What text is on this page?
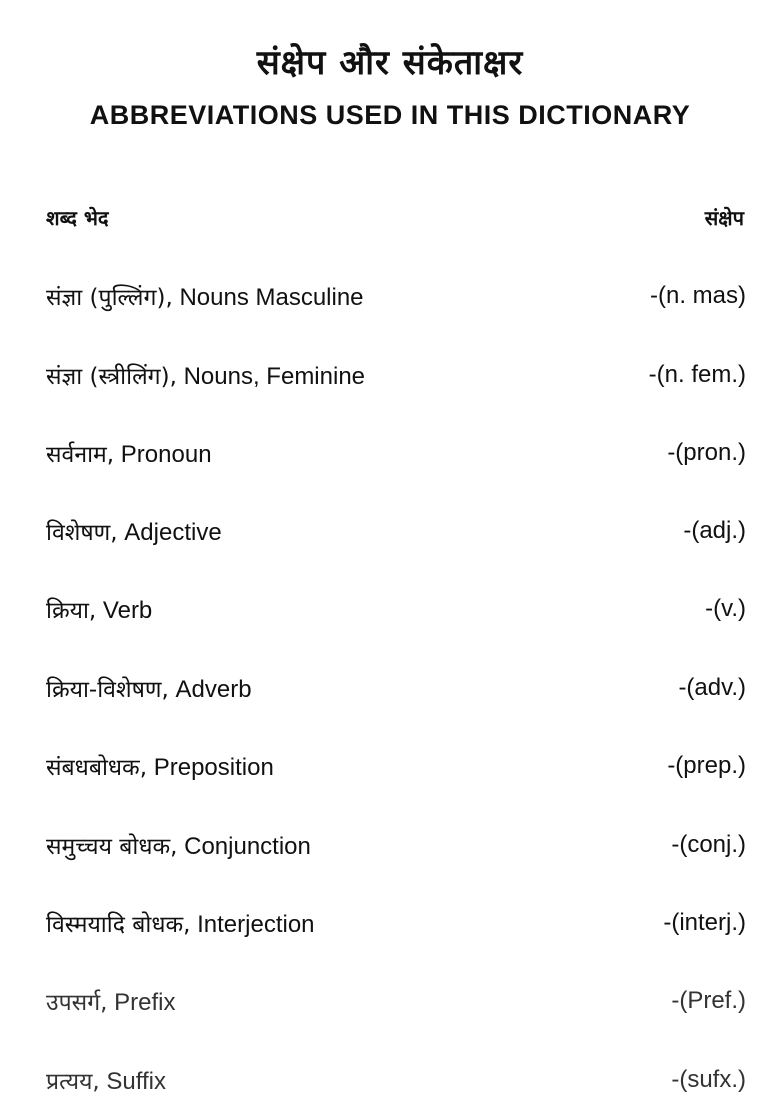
संक्षेप और संकेताक्षर
ABBREVIATIONS USED IN THIS DICTIONARY
शब्द भेद	संक्षेप
संज्ञा (पुल्लिंग), Nouns Masculine	-(n. mas)
संज्ञा (स्त्रीलिंग), Nouns, Feminine	-(n. fem.)
सर्वनाम, Pronoun	-(pron.)
विशेषण, Adjective	-(adj.)
क्रिया, Verb	-(v.)
क्रिया-विशेषण, Adverb	-(adv.)
संबधबोधक, Preposition	-(prep.)
समुच्चय बोधक, Conjunction	-(conj.)
विस्मयादि बोधक, Interjection	-(interj.)
उपसर्ग, Prefix	-(Pref.)
प्रत्यय, Suffix	-(sufx.)
